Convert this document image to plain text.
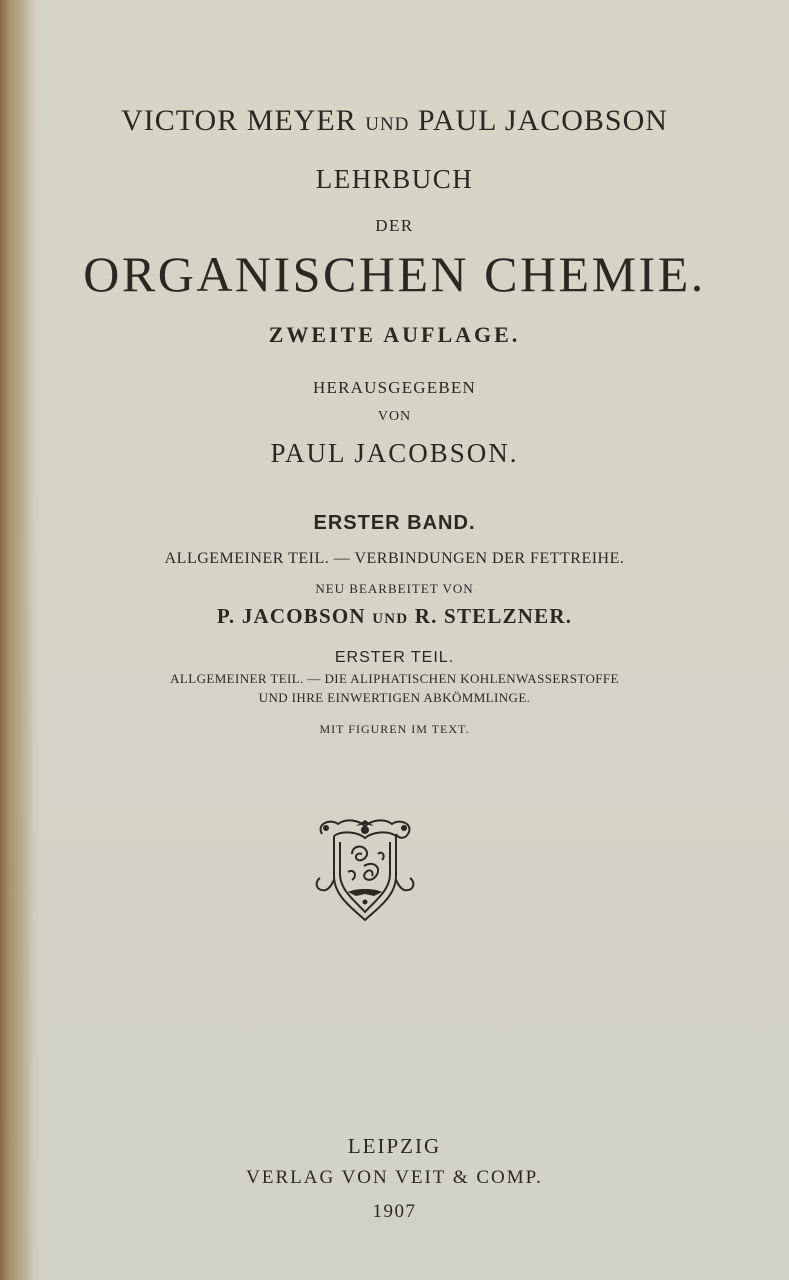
VICTOR MEYER UND PAUL JACOBSON
LEHRBUCH
DER
ORGANISCHEN CHEMIE.
ZWEITE AUFLAGE.
HERAUSGEGEBEN
VON
PAUL JACOBSON.
ERSTER BAND.
ALLGEMEINER TEIL. — VERBINDUNGEN DER FETTREIHE.
NEU BEARBEITET VON
P. JACOBSON UND R. STELZNER.
ERSTER TEIL.
ALLGEMEINER TEIL. — DIE ALIPHATISCHEN KOHLENWASSERSTOFFE
UND IHRE EINWERTIGEN ABKÖMMLINGE.
MIT FIGUREN IM TEXT.
LEIPZIG
VERLAG VON VEIT & COMP.
1907
